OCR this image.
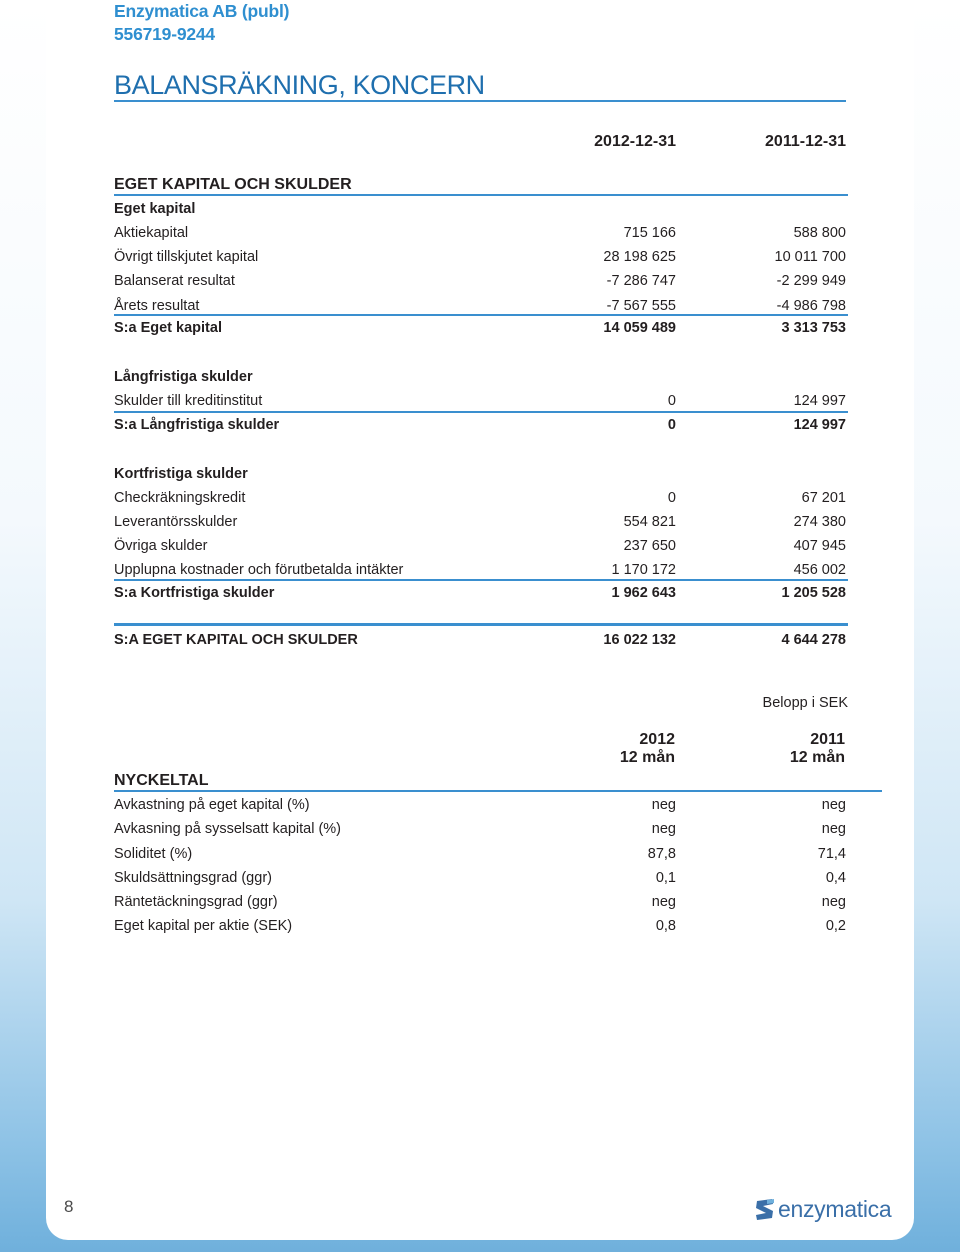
Enzymatica AB (publ)
556719-9244
BALANSRÄKNING, KONCERN
2012-12-31	2011-12-31
EGET KAPITAL OCH SKULDER
Eget kapital
Aktiekapital	715 166	588 800
Övrigt tillskjutet kapital	28 198 625	10 011 700
Balanserat resultat	-7 286 747	-2 299 949
Årets resultat	-7 567 555	-4 986 798
S:a Eget kapital	14 059 489	3 313 753
Långfristiga skulder
Skulder till kreditinstitut	0	124 997
S:a Långfristiga skulder	0	124 997
Kortfristiga skulder
Checkräkningskredit	0	67 201
Leverantörsskulder	554 821	274 380
Övriga skulder	237 650	407 945
Upplupna kostnader och förutbetalda intäkter	1 170 172	456 002
S:a Kortfristiga skulder	1 962 643	1 205 528
S:A EGET KAPITAL OCH SKULDER	16 022 132	4 644 278
Belopp i SEK
2012
12 mån
2011
12 mån
NYCKELTAL
Avkastning på eget kapital (%)	neg	neg
Avkasning på sysselsatt kapital (%)	neg	neg
Soliditet (%)	87,8	71,4
Skuldsättningsgrad (ggr)	0,1	0,4
Räntetäckningsgrad (ggr)	neg	neg
Eget kapital per aktie (SEK)	0,8	0,2
8	enzymatica
